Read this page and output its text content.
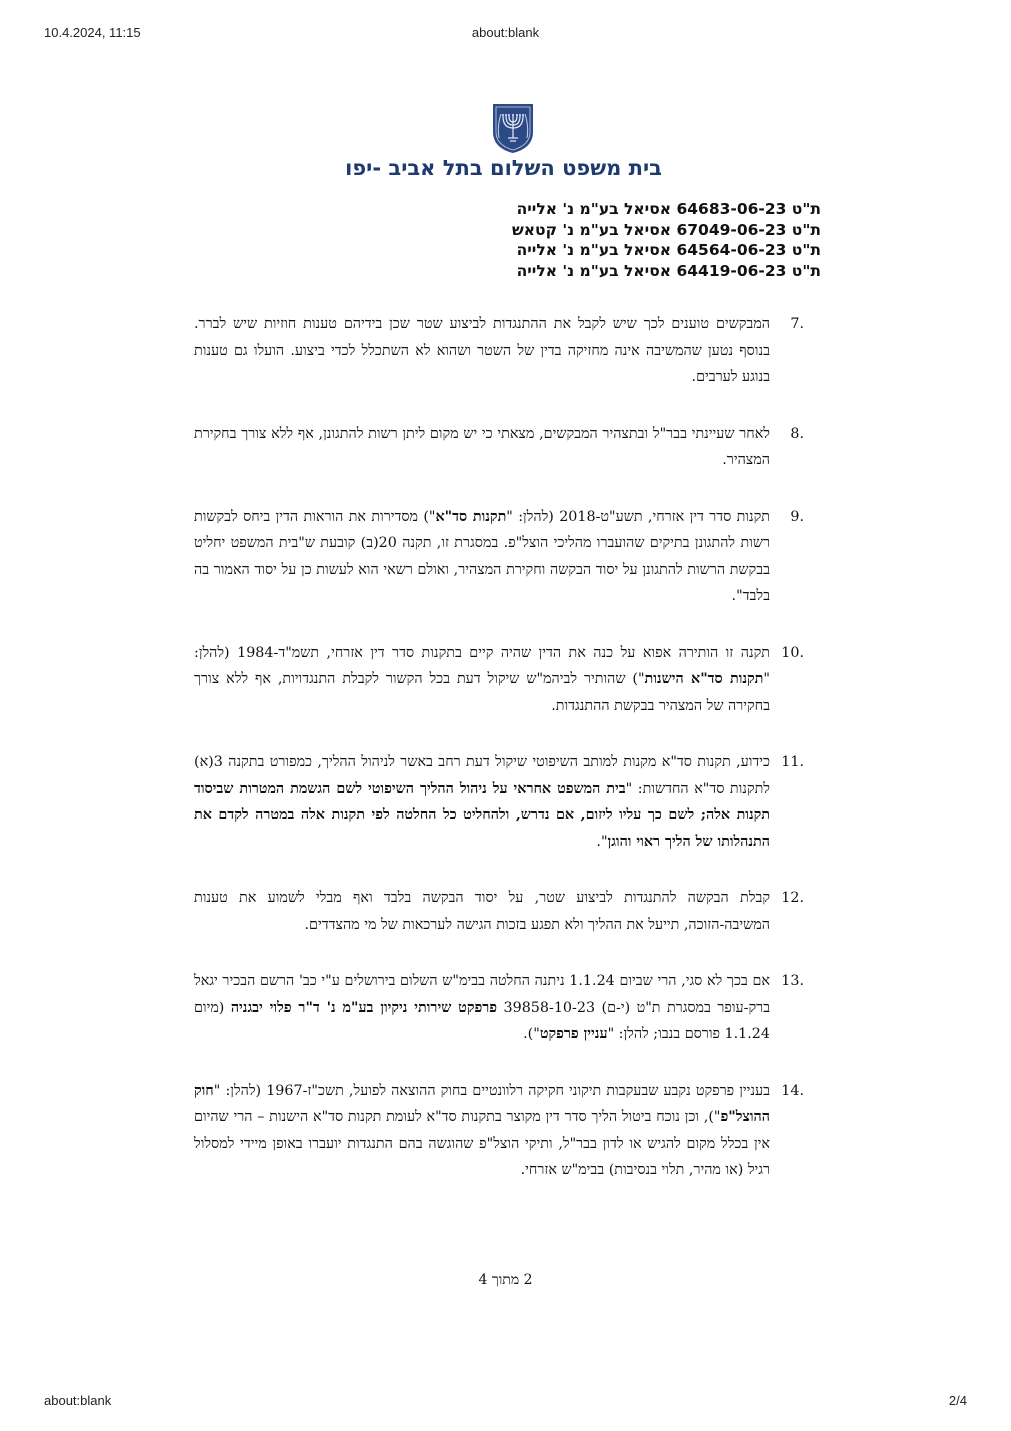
10.4.2024, 11:15	about:blank
בית משפט השלום בתל אביב -יפו
ת"ט 64683-06-23 אסיאל בע"מ נ' אלייה
ת"ט 67049-06-23 אסיאל בע"מ נ' קטאש
ת"ט 64564-06-23 אסיאל בע"מ נ' אלייה
ת"ט 64419-06-23 אסיאל בע"מ נ' אלייה

7.
המבקשים טוענים לכך שיש לקבל את ההתנגדות לביצוע שטר שכן בידיהם טענות חוזיות שיש לברר. בנוסף נטען שהמשיבה אינה מחזיקה בדין של השטר ושהוא לא השתכלל לכדי ביצוע. הועלו גם טענות בנוגע לערבים.

8.
לאחר שעיינתי בבר"ל ובתצהיר המבקשים, מצאתי כי יש מקום ליתן רשות להתגונן, אף ללא צורך בחקירת המצהיר.

9.
תקנות סדר דין אזרחי, תשע"ט-2018 (להלן: "תקנות סד"א") מסדירות את הוראות הדין ביחס לבקשות רשות להתגונן בתיקים שהועברו מהליכי הוצל"פ. במסגרת זו, תקנה 20(ב) קובעת ש"בית המשפט יחליט בבקשת הרשות להתגונן על יסוד הבקשה וחקירת המצהיר, ואולם רשאי הוא לעשות כן על יסוד האמור בה בלבד".

10.
תקנה זו הותירה אפוא על כנה את הדין שהיה קיים בתקנות סדר דין אזרחי, תשמ"ד-1984 (להלן: "תקנות סד"א הישנות") שהותיר לביהמ"ש שיקול דעת בכל הקשור לקבלת התנגדויות, אף ללא צורך בחקירה של המצהיר בבקשת ההתנגדות.

11.
כידוע, תקנות סד"א מקנות למותב השיפוטי שיקול דעת רחב באשר לניהול ההליך, כמפורט בתקנה 3(א) לתקנות סד"א החדשות: "בית המשפט אחראי על ניהול ההליך השיפוטי לשם הגשמת המטרות שביסוד תקנות אלה; לשם כך עליו ליזום, אם נדרש, ולהחליט כל החלטה לפי תקנות אלה במטרה לקדם את התנהלותו של הליך ראוי והוגן".

12.
קבלת הבקשה להתנגדות לביצוע שטר, על יסוד הבקשה בלבד ואף מבלי לשמוע את טענות המשיבה-הזוכה, תייעל את ההליך ולא תפגע בזכות הגישה לערכאות של מי מהצדדים.

13.
אם בכך לא סגי, הרי שביום 1.1.24 ניתנה החלטה בבימ"ש השלום בירושלים ע"י כב' הרשם הבכיר יגאל ברק-עופר במסגרת ת"ט (י-ם) 39858-10-23 פרפקט שירותי ניקיון בע"מ נ' ד"ר פלוי יבגניה (מיום 1.1.24 פורסם בנבו; להלן: "עניין פרפקט").

14.
בעניין פרפקט נקבע שבעקבות תיקוני חקיקה רלוונטיים בחוק ההוצאה לפועל, תשכ"ז-1967 (להלן: "חוק ההוצל"פ"), וכן נוכח ביטול הליך סדר דין מקוצר בתקנות סד"א לעומת תקנות סד"א הישנות – הרי שהיום אין בכלל מקום להגיש או לדון בבר"ל, ותיקי הוצל"פ שהוגשה בהם התנגדות יועברו באופן מיידי למסלול רגיל (או מהיר, תלוי בנסיבות) בבימ"ש אזרחי.

2 מתוך 4
about:blank	2/4
